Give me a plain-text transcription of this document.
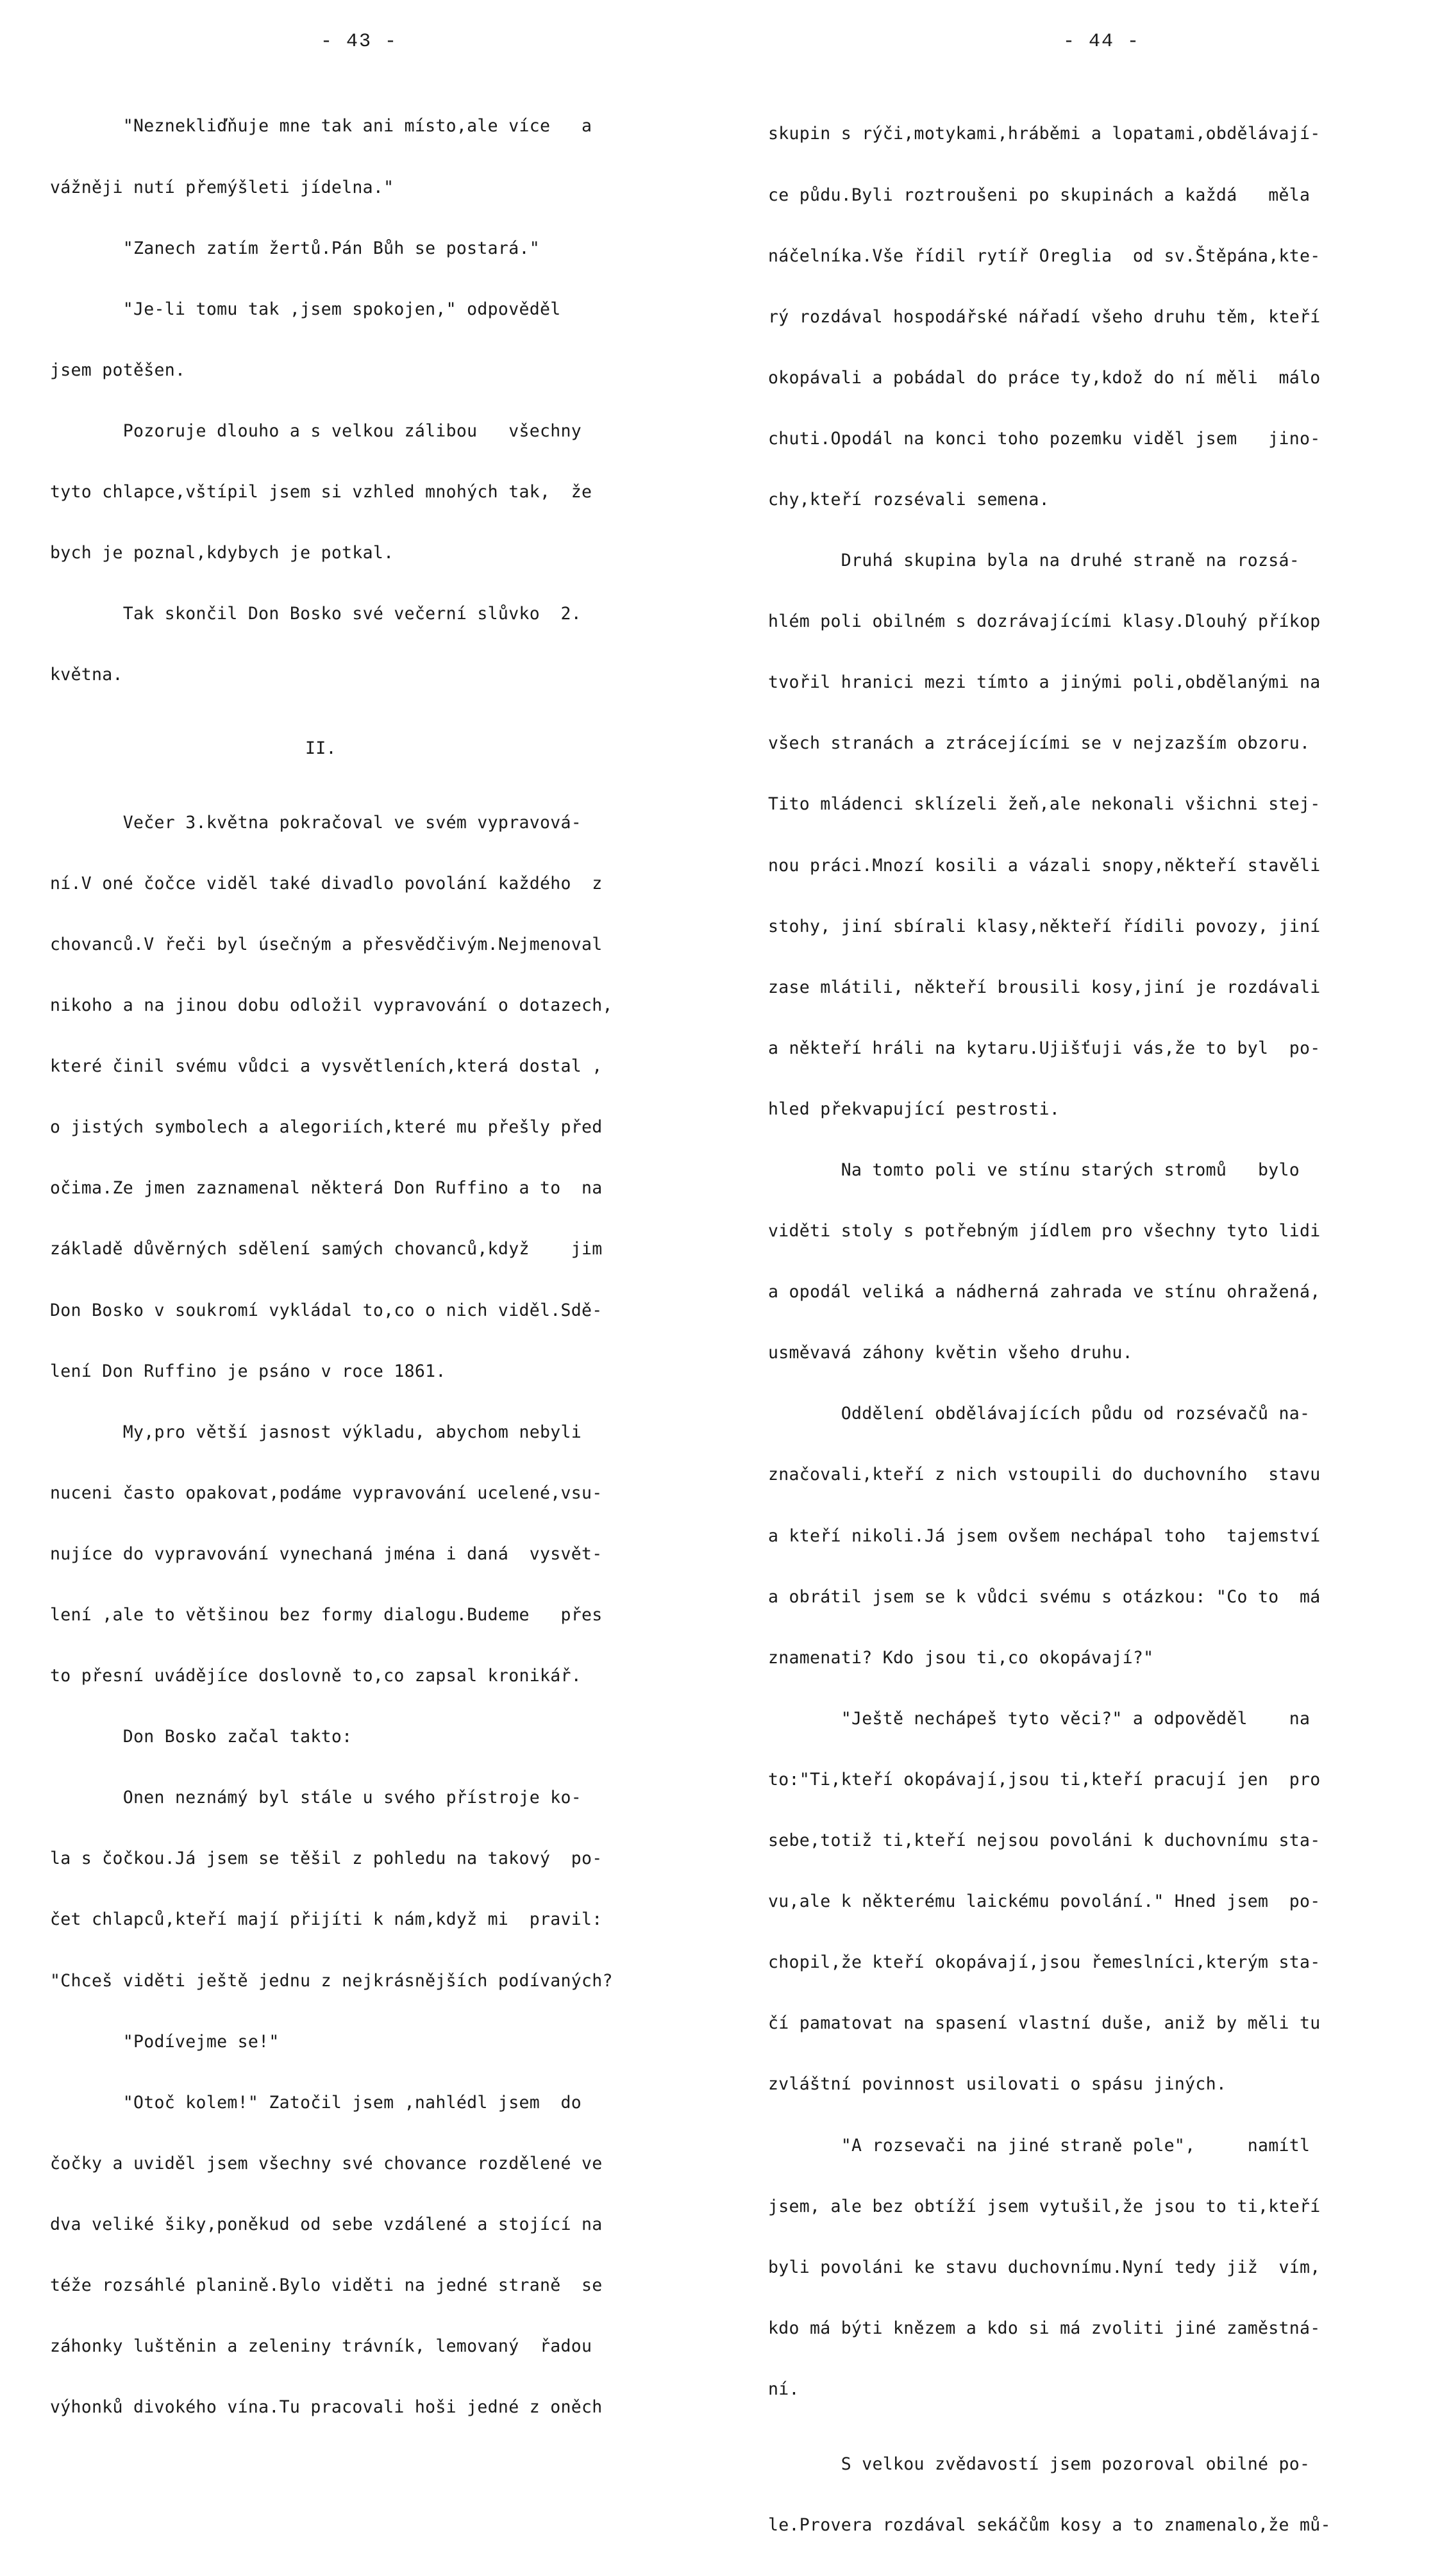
- 43 -

"Neznekliďňuje mne tak ani místo,ale více   a

vážněji nutí přemýšleti jídelna."

"Zanech zatím žertů.Pán Bůh se postará."

"Je-li tomu tak ,jsem spokojen," odpověděl

jsem potěšen.

Pozoruje dlouho a s velkou zálibou   všechny

tyto chlapce,vštípil jsem si vzhled mnohých tak,  že

bych je poznal,kdybych je potkal.

Tak skončil Don Bosko své večerní slůvko  2.

května.

II.

Večer 3.května pokračoval ve svém vypravová-

ní.V oné čočce viděl také divadlo povolání každého  z

chovanců.V řeči byl úsečným a přesvědčivým.Nejmenoval

nikoho a na jinou dobu odložil vypravování o dotazech,

které činil svému vůdci a vysvětleních,která dostal ,

o jistých symbolech a alegoriích,které mu přešly před

očima.Ze jmen zaznamenal některá Don Ruffino a to  na

základě důvěrných sdělení samých chovanců,když    jim

Don Bosko v soukromí vykládal to,co o nich viděl.Sdě-

lení Don Ruffino je psáno v roce 1861.

My,pro větší jasnost výkladu, abychom nebyli

nuceni často opakovat,podáme vypravování ucelené,vsu-

nujíce do vypravování vynechaná jména i daná  vysvět-

lení ,ale to většinou bez formy dialogu.Budeme   přes

to přesní uvádějíce doslovně to,co zapsal kronikář.

Don Bosko začal takto:

Onen neznámý byl stále u svého přístroje ko-

la s čočkou.Já jsem se těšil z pohledu na takový  po-

čet chlapců,kteří mají přijíti k nám,když mi  pravil:

"Chceš viděti ještě jednu z nejkrásnějších podívaných?

"Podívejme se!"

"Otoč kolem!" Zatočil jsem ,nahlédl jsem  do

čočky a uviděl jsem všechny své chovance rozdělené ve

dva veliké šiky,poněkud od sebe vzdálené a stojící na

téže rozsáhlé planině.Bylo viděti na jedné straně  se

záhonky luštěnin a zeleniny trávník, lemovaný  řadou

výhonků divokého vína.Tu pracovali hoši jedné z oněch

- 44 -

skupin s rýči,motykami,hráběmi a lopatami,obdělávají-

ce půdu.Byli roztroušeni po skupinách a každá   měla

náčelníka.Vše řídil rytíř Oreglia  od sv.Štěpána,kte-

rý rozdával hospodářské nářadí všeho druhu těm, kteří

okopávali a pobádal do práce ty,kdož do ní měli  málo

chuti.Opodál na konci toho pozemku viděl jsem   jino-

chy,kteří rozsévali semena.

Druhá skupina byla na druhé straně na rozsá-

hlém poli obilném s dozrávajícími klasy.Dlouhý příkop

tvořil hranici mezi tímto a jinými poli,obdělanými na

všech stranách a ztrácejícími se v nejzazším obzoru.

Tito mládenci sklízeli žeň,ale nekonali všichni stej-

nou práci.Mnozí kosili a vázali snopy,někteří stavěli

stohy, jiní sbírali klasy,někteří řídili povozy, jiní

zase mlátili, někteří brousili kosy,jiní je rozdávali

a někteří hráli na kytaru.Ujišťuji vás,že to byl  po-

hled překvapující pestrosti.

Na tomto poli ve stínu starých stromů   bylo

viděti stoly s potřebným jídlem pro všechny tyto lidi

a opodál veliká a nádherná zahrada ve stínu ohražená,

usměvavá záhony květin všeho druhu.

Oddělení obdělávajících půdu od rozsévačů na-

značovali,kteří z nich vstoupili do duchovního  stavu

a kteří nikoli.Já jsem ovšem nechápal toho  tajemství

a obrátil jsem se k vůdci svému s otázkou: "Co to  má

znamenati? Kdo jsou ti,co okopávají?"

"Ještě nechápeš tyto věci?" a odpověděl    na

to:"Ti,kteří okopávají,jsou ti,kteří pracují jen  pro

sebe,totiž ti,kteří nejsou povoláni k duchovnímu sta-

vu,ale k některému laickému povolání." Hned jsem  po-

chopil,že kteří okopávají,jsou řemeslníci,kterým sta-

čí pamatovat na spasení vlastní duše, aniž by měli tu

zvláštní povinnost usilovati o spásu jiných.

"A rozsevači na jiné straně pole",     namítl

jsem, ale bez obtíží jsem vytušil,že jsou to ti,kteří

byli povoláni ke stavu duchovnímu.Nyní tedy již  vím,

kdo má býti knězem a kdo si má zvoliti jiné zaměstná-

ní.

S velkou zvědavostí jsem pozoroval obilné po-

le.Provera rozdával sekáčům kosy a to znamenalo,že mů-
